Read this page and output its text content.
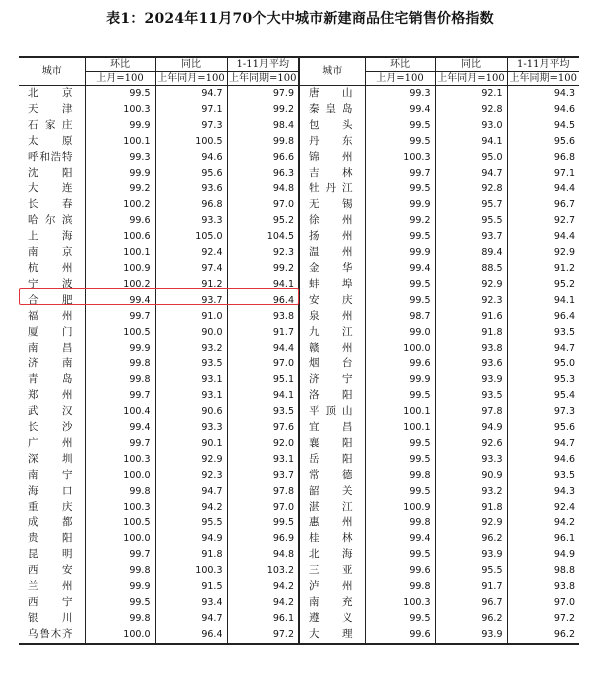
表1：2024年11月70个大中城市新建商品住宅销售价格指数
城市	环比	同比	1-11月平均	城市	环比	同比	1-11月平均
	上月=100	上年同月=100	上年同期=100		上月=100	上年同月=100	上年同期=100
北京	99.5	94.7	97.9	唐山	99.3	92.1	94.3
天津	100.3	97.1	99.2	秦皇岛	99.4	92.8	94.6
石家庄	99.9	97.3	98.4	包头	99.5	93.0	94.5
太原	100.1	100.5	99.8	丹东	99.5	94.1	95.6
呼和浩特	99.3	94.6	96.6	锦州	100.3	95.0	96.8
沈阳	99.9	95.6	96.3	吉林	99.7	94.7	97.1
大连	99.2	93.6	94.8	牡丹江	99.5	92.8	94.4
长春	100.2	96.8	97.0	无锡	99.9	95.7	96.7
哈尔滨	99.6	93.3	95.2	徐州	99.2	95.5	92.7
上海	100.6	105.0	104.5	扬州	99.5	93.7	94.4
南京	100.1	92.4	92.3	温州	99.9	89.4	92.9
杭州	100.9	97.4	99.2	金华	99.4	88.5	91.2
宁波	100.2	91.2	94.1	蚌埠	99.5	92.9	95.2
合肥	99.4	93.7	96.4	安庆	99.5	92.3	94.1
福州	99.7	91.0	93.8	泉州	98.7	91.6	96.4
厦门	100.5	90.0	91.7	九江	99.0	91.8	93.5
南昌	99.9	93.2	94.4	赣州	100.0	93.8	94.7
济南	99.8	93.5	97.0	烟台	99.6	93.6	95.0
青岛	99.8	93.1	95.1	济宁	99.9	93.9	95.3
郑州	99.7	93.1	94.1	洛阳	99.5	93.5	95.4
武汉	100.4	90.6	93.5	平顶山	100.1	97.8	97.3
长沙	99.4	93.3	97.6	宜昌	100.1	94.9	95.6
广州	99.7	90.1	92.0	襄阳	99.5	92.6	94.7
深圳	100.3	92.9	93.1	岳阳	99.5	93.3	94.6
南宁	100.0	92.3	93.7	常德	99.8	90.9	93.5
海口	99.8	94.7	97.8	韶关	99.5	93.2	94.3
重庆	100.3	94.2	97.0	湛江	100.9	91.8	92.4
成都	100.5	95.5	99.5	惠州	99.8	92.9	94.2
贵阳	100.0	94.9	96.9	桂林	99.4	96.2	96.1
昆明	99.7	91.8	94.8	北海	99.5	93.9	94.9
西安	99.8	100.3	103.2	三亚	99.6	95.5	98.8
兰州	99.9	91.5	94.2	泸州	99.8	91.7	93.8
西宁	99.5	93.4	94.2	南充	100.3	96.7	97.0
银川	99.8	94.7	96.1	遵义	99.5	96.2	97.2
乌鲁木齐	100.0	96.4	97.2	大理	99.6	93.9	96.2
